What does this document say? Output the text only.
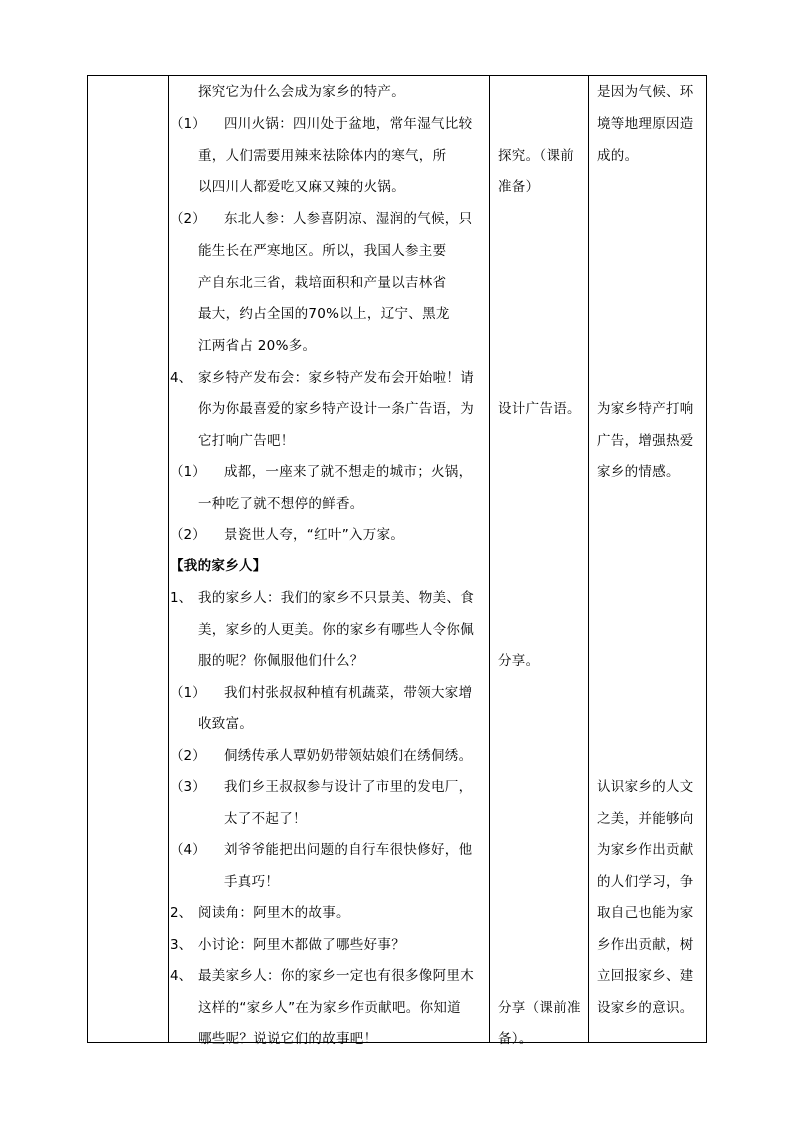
探究它为什么会成为家乡的特产。
（1） 四川火锅：四川处于盆地，常年湿气比较
重，人们需要用辣来祛除体内的寒气，所
以四川人都爱吃又麻又辣的火锅。
（2） 东北人参：人参喜阴凉、湿润的气候，只
能生长在严寒地区。所以，我国人参主要
产自东北三省，栽培面积和产量以吉林省
最大，约占全国的70%以上，辽宁、黑龙
江两省占 20%多。
4、 家乡特产发布会：家乡特产发布会开始啦！请
你为你最喜爱的家乡特产设计一条广告语，为
它打响广告吧！
（1） 成都，一座来了就不想走的城市；火锅，
一种吃了就不想停的鲜香。
（2） 景瓷世人夸，“红叶”入万家。
【我的家乡人】
1、 我的家乡人：我们的家乡不只景美、物美、食
美，家乡的人更美。你的家乡有哪些人令你佩
服的呢？你佩服他们什么？
（1） 我们村张叔叔种植有机蔬菜，带领大家增
收致富。
（2） 侗绣传承人覃奶奶带领姑娘们在绣侗绣。
（3） 我们乡王叔叔参与设计了市里的发电厂，
太了不起了！
（4） 刘爷爷能把出问题的自行车很快修好，他
手真巧！
2、 阅读角：阿里木的故事。
3、 小讨论：阿里木都做了哪些好事？
4、 最美家乡人：你的家乡一定也有很多像阿里木
这样的“家乡人”在为家乡作贡献吧。你知道
哪些呢？说说它们的故事吧！
探究。（课前
准备）
设计广告语。
分享。
分享（课前准
备）。
是因为气候、环
境等地理原因造
成的。
为家乡特产打响
广告，增强热爱
家乡的情感。
认识家乡的人文
之美，并能够向
为家乡作出贡献
的人们学习，争
取自己也能为家
乡作出贡献，树
立回报家乡、建
设家乡的意识。
